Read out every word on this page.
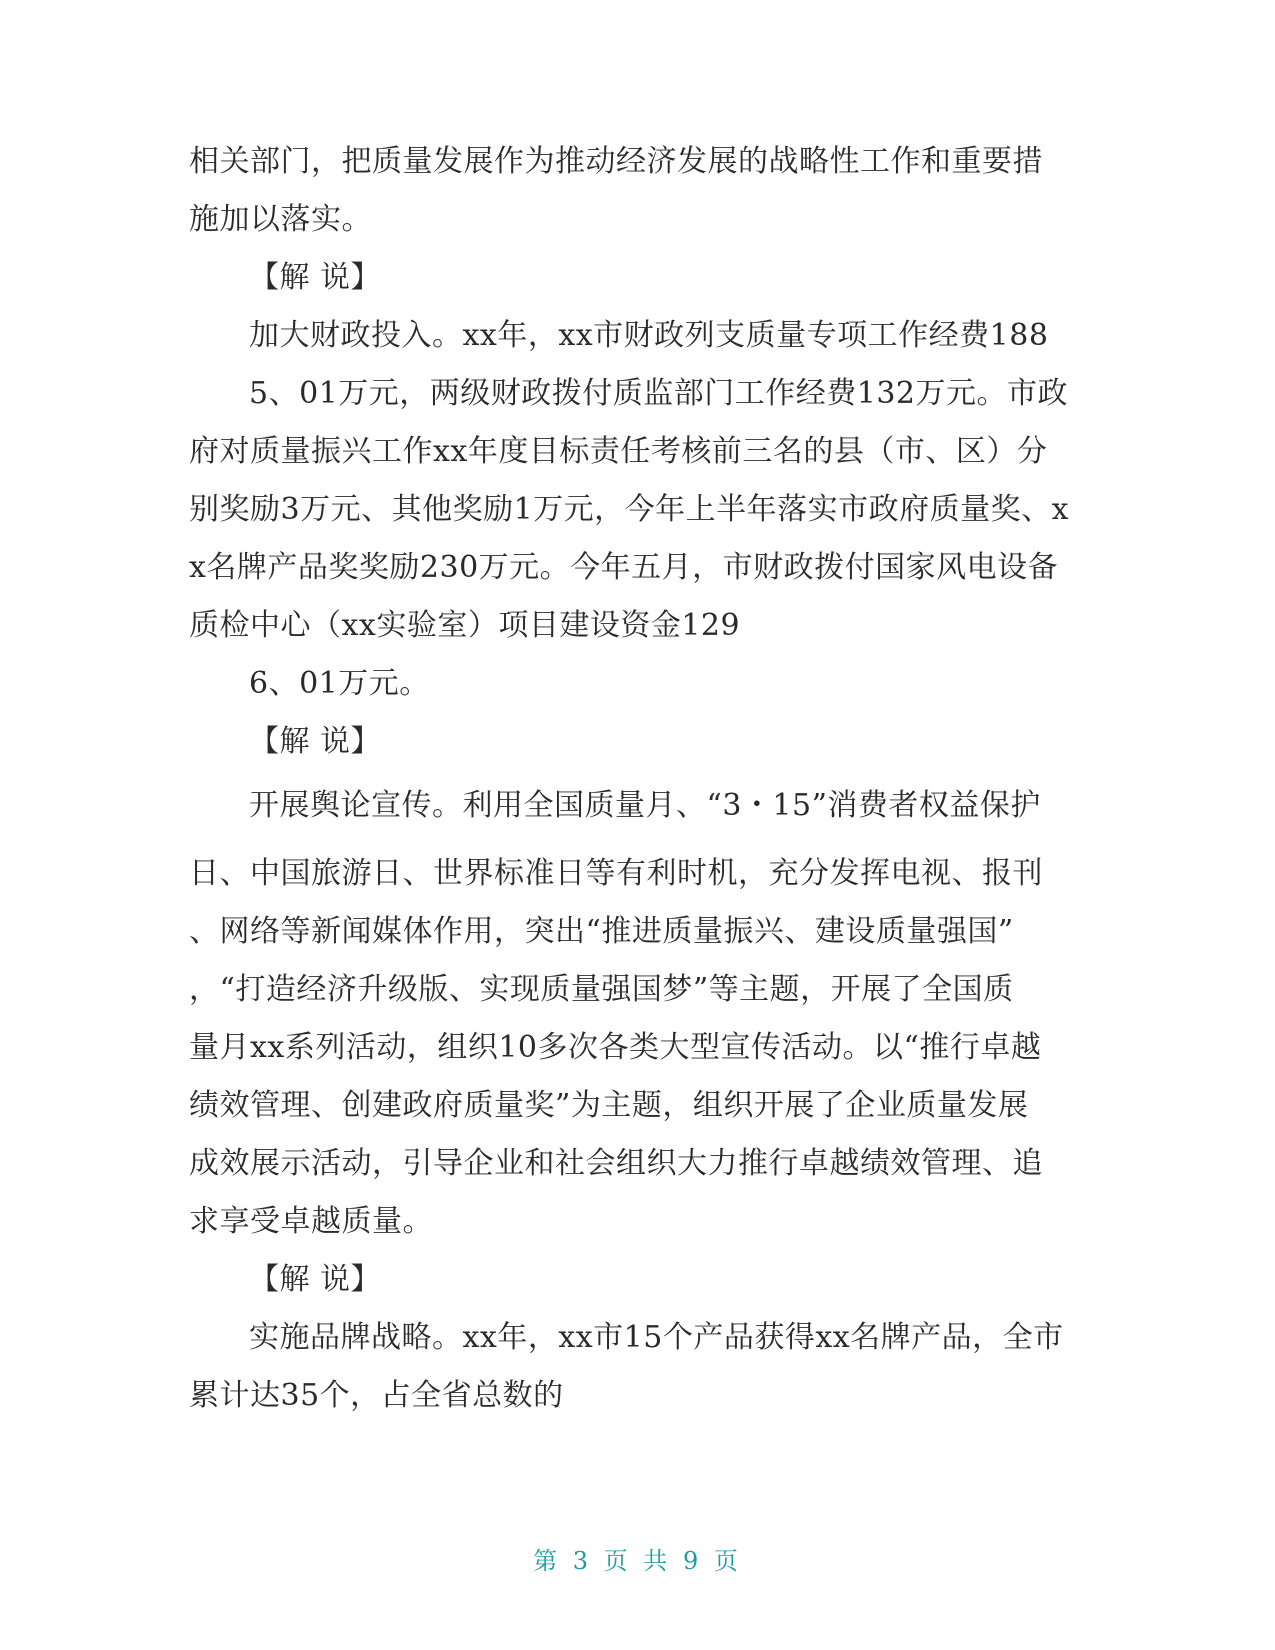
相关部门，把质量发展作为推动经济发展的战略性工作和重要措
施加以落实。
【解 说】
加大财政投入。xx年，xx市财政列支质量专项工作经费188
5、01万元，两级财政拨付质监部门工作经费132万元。市政
府对质量振兴工作xx年度目标责任考核前三名的县（市、区）分
别奖励3万元、其他奖励1万元，今年上半年落实市政府质量奖、x
x名牌产品奖奖励230万元。今年五月，市财政拨付国家风电设备
质检中心（xx实验室）项目建设资金129
6、01万元。
【解 说】
开展舆论宣传。利用全国质量月、“3・15”消费者权益保护
日、中国旅游日、世界标准日等有利时机，充分发挥电视、报刊
、网络等新闻媒体作用，突出“推进质量振兴、建设质量强国”
，“打造经济升级版、实现质量强国梦”等主题，开展了全国质
量月xx系列活动，组织10多次各类大型宣传活动。以“推行卓越
绩效管理、创建政府质量奖”为主题，组织开展了企业质量发展
成效展示活动，引导企业和社会组织大力推行卓越绩效管理、追
求享受卓越质量。
【解 说】
实施品牌战略。xx年，xx市15个产品获得xx名牌产品，全市
累计达35个，占全省总数的
第 3 页 共 9 页
